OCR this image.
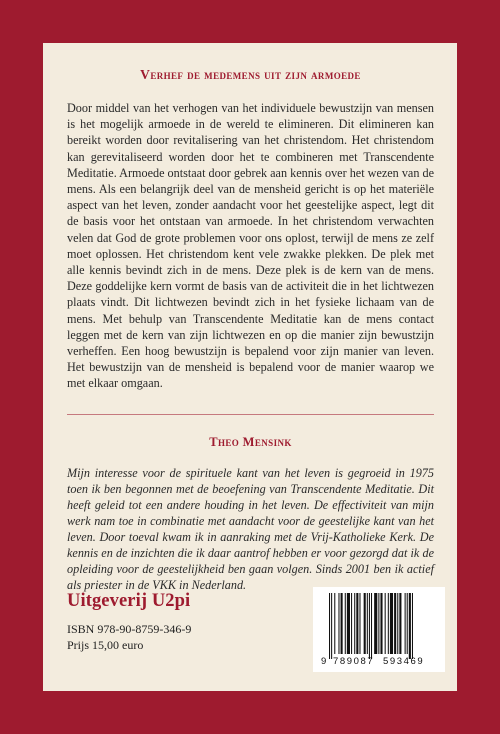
Verhef de medemens uit zijn armoede

Door middel van het verhogen van het individuele bewustzijn van mensen is het mogelijk armoede in de wereld te elimineren. Dit elimineren kan bereikt worden door revitalisering van het christendom. Het christendom kan gerevitaliseerd worden door het te combineren met Transcendente Meditatie. Armoede ontstaat door gebrek aan kennis over het wezen van de mens. Als een belangrijk deel van de mensheid gericht is op het materiële aspect van het leven, zonder aandacht voor het geestelijke aspect, legt dit de basis voor het ontstaan van armoede. In het christendom verwachten velen dat God de grote problemen voor ons oplost, terwijl de mens ze zelf moet oplossen. Het christendom kent vele zwakke plekken. De plek met alle kennis bevindt zich in de mens. Deze plek is de kern van de mens. Deze goddelijke kern vormt de basis van de activiteit die in het lichtwezen plaats vindt. Dit lichtwezen bevindt zich in het fysieke lichaam van de mens. Met behulp van Transcendente Meditatie kan de mens contact leggen met de kern van zijn lichtwezen en op die manier zijn bewustzijn verheffen. Een hoog bewustzijn is bepalend voor zijn manier van leven. Het bewustzijn van de mensheid is bepalend voor de manier waarop we met elkaar omgaan.

Theo Mensink

Mijn interesse voor de spirituele kant van het leven is gegroeid in 1975 toen ik ben begonnen met de beoefening van Transcendente Meditatie. Dit heeft geleid tot een andere houding in het leven. De effectiviteit van mijn werk nam toe in combinatie met aandacht voor de geestelijke kant van het leven. Door toeval kwam ik in aanraking met de Vrij-Katholieke Kerk. De kennis en de inzichten die ik daar aantrof hebben er voor gezorgd dat ik de opleiding voor de geestelijkheid ben gaan volgen. Sinds 2001 ben ik actief als priester in de VKK in Nederland.

Uitgeverij U2pi
ISBN 978-90-8759-346-9
Prijs 15,00 euro
9 789087 593469
